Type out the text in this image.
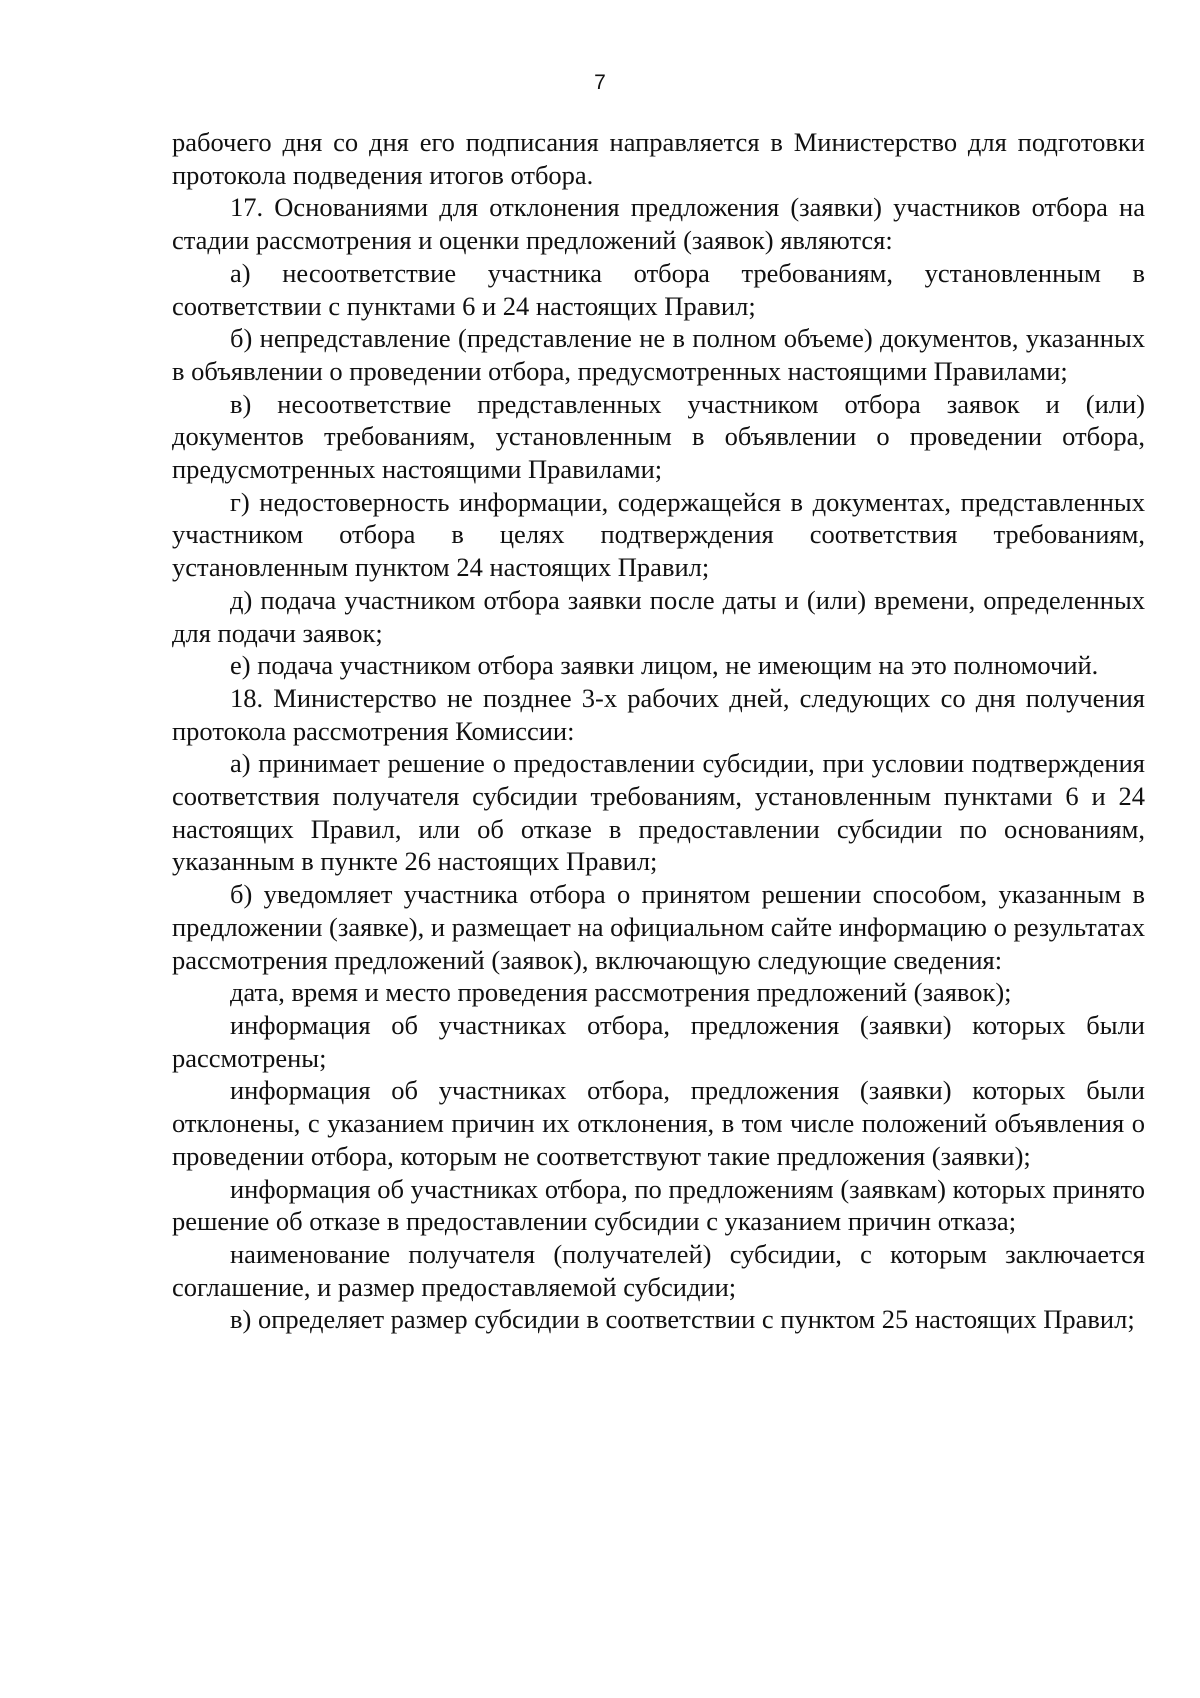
7

рабочего дня со дня его подписания направляется в Министерство для подготовки протокола подведения итогов отбора.

17. Основаниями для отклонения предложения (заявки) участников отбора на стадии рассмотрения и оценки предложений (заявок) являются:

а) несоответствие участника отбора требованиям, установленным в соответствии с пунктами 6 и 24 настоящих Правил;

б) непредставление (представление не в полном объеме) документов, указанных в объявлении о проведении отбора, предусмотренных настоящими Правилами;

в) несоответствие представленных участником отбора заявок и (или) документов требованиям, установленным в объявлении о проведении отбора, предусмотренных настоящими Правилами;

г) недостоверность информации, содержащейся в документах, представленных участником отбора в целях подтверждения соответствия требованиям, установленным пунктом 24 настоящих Правил;

д) подача участником отбора заявки после даты и (или) времени, определенных для подачи заявок;

е) подача участником отбора заявки лицом, не имеющим на это полномочий.

18. Министерство не позднее 3-х рабочих дней, следующих со дня получения протокола рассмотрения Комиссии:

а) принимает решение о предоставлении субсидии, при условии подтверждения соответствия получателя субсидии требованиям, установленным пунктами 6 и 24 настоящих Правил, или об отказе в предоставлении субсидии по основаниям, указанным в пункте 26 настоящих Правил;

б) уведомляет участника отбора о принятом решении способом, указанным в предложении (заявке), и размещает на официальном сайте информацию о результатах рассмотрения предложений (заявок), включающую следующие сведения:

дата, время и место проведения рассмотрения предложений (заявок);

информация об участниках отбора, предложения (заявки) которых были рассмотрены;

информация об участниках отбора, предложения (заявки) которых были отклонены, с указанием причин их отклонения, в том числе положений объявления о проведении отбора, которым не соответствуют такие предложения (заявки);

информация об участниках отбора, по предложениям (заявкам) которых принято решение об отказе в предоставлении субсидии с указанием причин отказа;

наименование получателя (получателей) субсидии, с которым заключается соглашение, и размер предоставляемой субсидии;

в) определяет размер субсидии в соответствии с пунктом 25 настоящих Правил;
